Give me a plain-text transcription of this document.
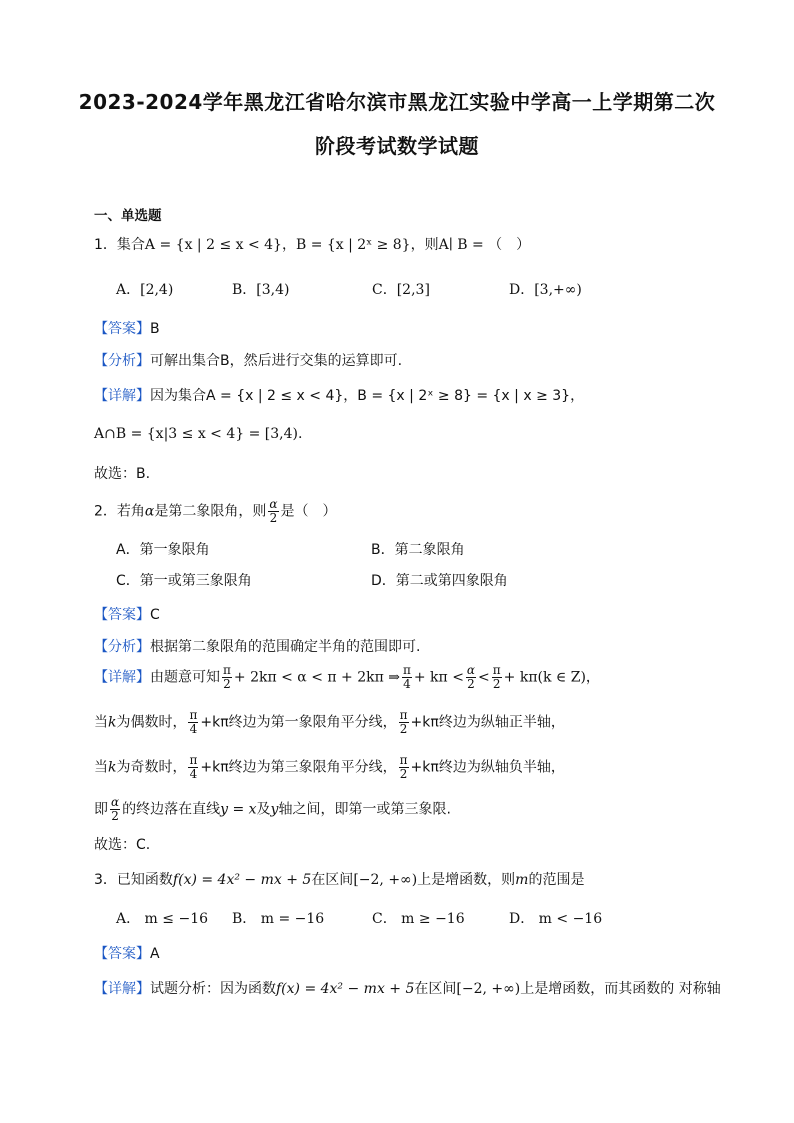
2023-2024学年黑龙江省哈尔滨市黑龙江实验中学高一上学期第二次
阶段考试数学试题
一、单选题
1．集合A = {x | 2 ≤ x < 4}，B = {x | 2ˣ ≥ 8}，则A∣ B = （　）
A．[2,4)	B．[3,4)	C．[2,3]	D．[3,+∞)
【答案】B
【分析】可解出集合B，然后进行交集的运算即可.
【详解】因为集合A = {x | 2 ≤ x < 4}，B = {x | 2ˣ ≥ 8} = {x | x ≥ 3}，
A∩B = {x|3 ≤ x < 4} = [3,4).
故选：B.
2．若角α是第二象限角，则 $\frac{\alpha}{2}$ 是（　）
A．第一象限角	B．第二象限角
C．第一或第三象限角	D．第二或第四象限角
【答案】C
【分析】根据第二象限角的范围确定半角的范围即可.
【详解】由题意可知 $\frac{\pi}{2} + 2k\pi < \alpha < \pi + 2k\pi$ ⇒ $\frac{\pi}{4} + k\pi < \frac{\alpha}{2} < \frac{\pi}{2} + k\pi(k$ ∈ Z)，
当k为偶数时， $\frac{\pi}{4} +k\pi$终边为第一象限角平分线， $\frac{\pi}{2} +k\pi$终边为纵轴正半轴，
当k为奇数时， $\frac{\pi}{4} +k\pi$终边为第三象限角平分线， $\frac{\pi}{2} +k\pi$终边为纵轴负半轴，
即 $\frac{\alpha}{2}$ 的终边落在直线y = x及y轴之间，即第一或第三象限.
故选：C.
3．已知函数f(x) = 4x² − mx + 5在区间[−2, +∞)上是增函数，则m的范围是
A． m ≤ −16 B． m = −16	C． m ≥ −16	D． m < −16
【答案】A
【详解】试题分析：因为函数f(x) = 4x² − mx + 5在区间[−2, +∞)上是增函数，而其函数的 对称轴
